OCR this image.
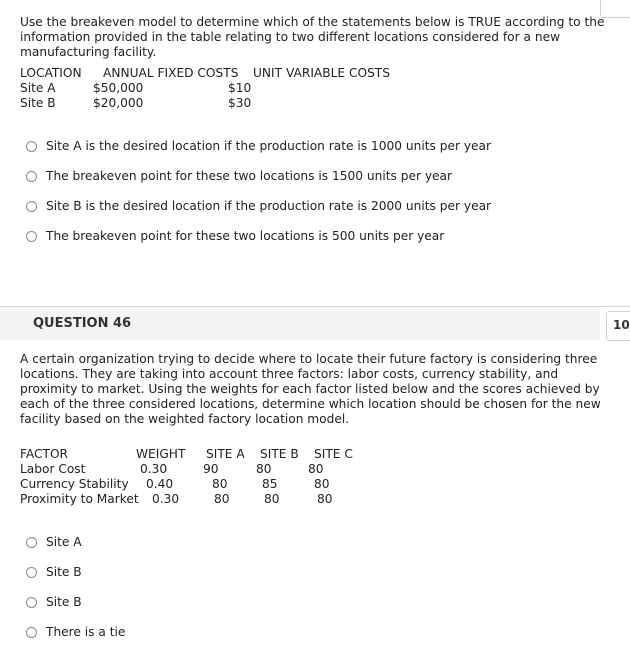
Use the breakeven model to determine which of the statements below is TRUE according to the
information provided in the table relating to two different locations considered for a new
manufacturing facility.
LOCATION ANNUAL FIXED COSTS UNIT VARIABLE COSTS
Site A	$50,000	$10
Site B	$20,000	$30
Site A is the desired location if the production rate is 1000 units per year
The breakeven point for these two locations is 1500 units per year
Site B is the desired location if the production rate is 2000 units per year
The breakeven point for these two locations is 500 units per year
QUESTION 46	10
A certain organization trying to decide where to locate their future factory is considering three
locations. They are taking into account three factors: labor costs, currency stability, and
proximity to market. Using the weights for each factor listed below and the scores achieved by
each of the three considered locations, determine which location should be chosen for the new
facility based on the weighted factory location model.
FACTOR	WEIGHT SITE A SITE B SITE C
Labor Cost	0.30	90	80	80
Currency Stability 0.40	80	85	80
Proximity to Market 0.30	80	80	80
Site A
Site B
Site B
There is a tie
